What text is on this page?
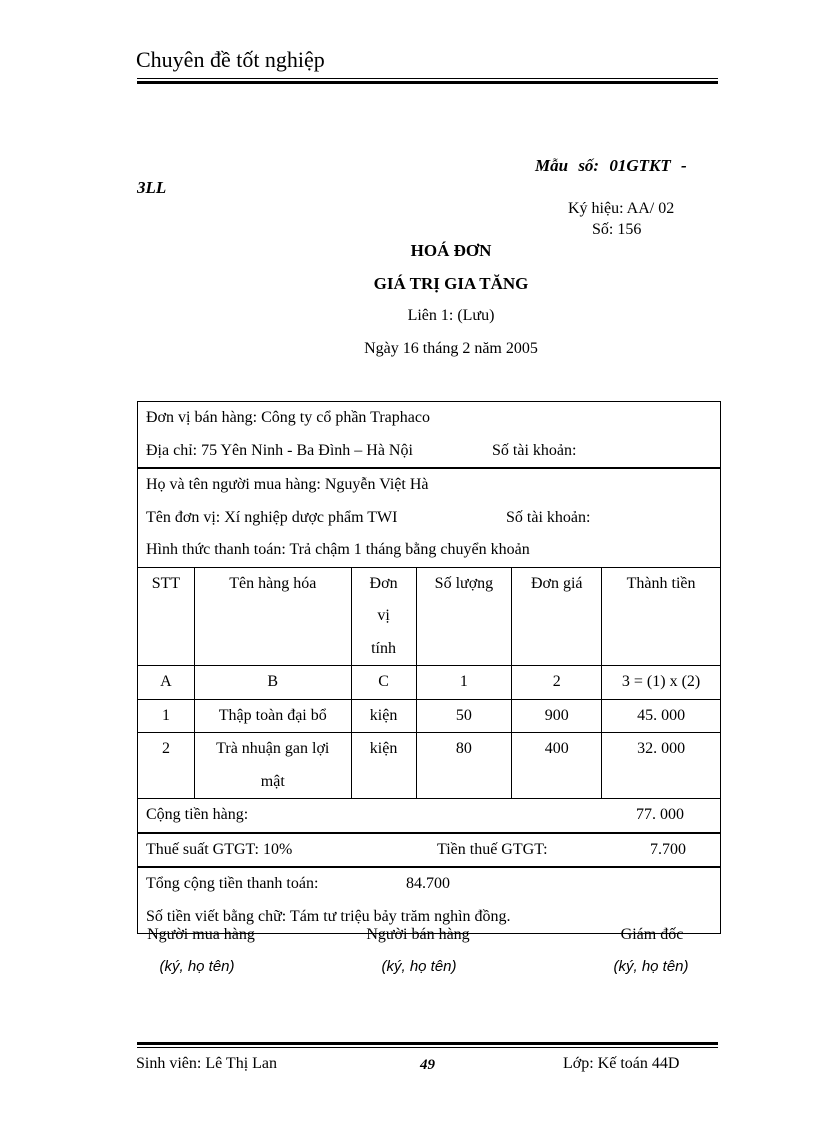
Chuyên đề tốt nghiệp
Mẫu số: 01GTKT -
3LL
Ký hiệu: AA/ 02
Số: 156
HOÁ ĐƠN
GIÁ TRỊ GIA TĂNG
Liên 1: (Lưu)
Ngày 16 tháng 2 năm 2005
Đơn vị bán hàng: Công ty cổ phần Traphaco
Địa chỉ: 75 Yên Ninh - Ba Đình – Hà Nội Số tài khoản:					

Họ và tên người mua hàng: Nguyễn Việt Hà
Tên đơn vị: Xí nghiệp dược phẩm TWI Số tài khoản:
Hình thức thanh toán: Trả chậm 1 tháng bằng chuyển khoản					

STT	Tên hàng hóa	Đơn
vị
tính	Số lượng	Đơn giá	Thành tiền
A	B	C	1	2	3 = (1) x (2)
1	Thập toàn đại bổ	kiện	50	900	45. 000
2	Trà nhuận gan lợi
mật	kiện	80	400	32. 000

Cộng tiền hàng: 77. 000					

Thuế suất GTGT: 10% Tiền thuế GTGT: 7.700					

Tổng cộng tiền thanh toán: 84.700
Số tiền viết bằng chữ: Tám tư triệu bảy trăm nghìn đồng.					
Người mua hàng	Người bán hàng	Giám đốc
(ký, họ tên)	(ký, họ tên)	(ký, họ tên)
Sinh viên: Lê Thị Lan	49	Lớp: Kế toán 44D
